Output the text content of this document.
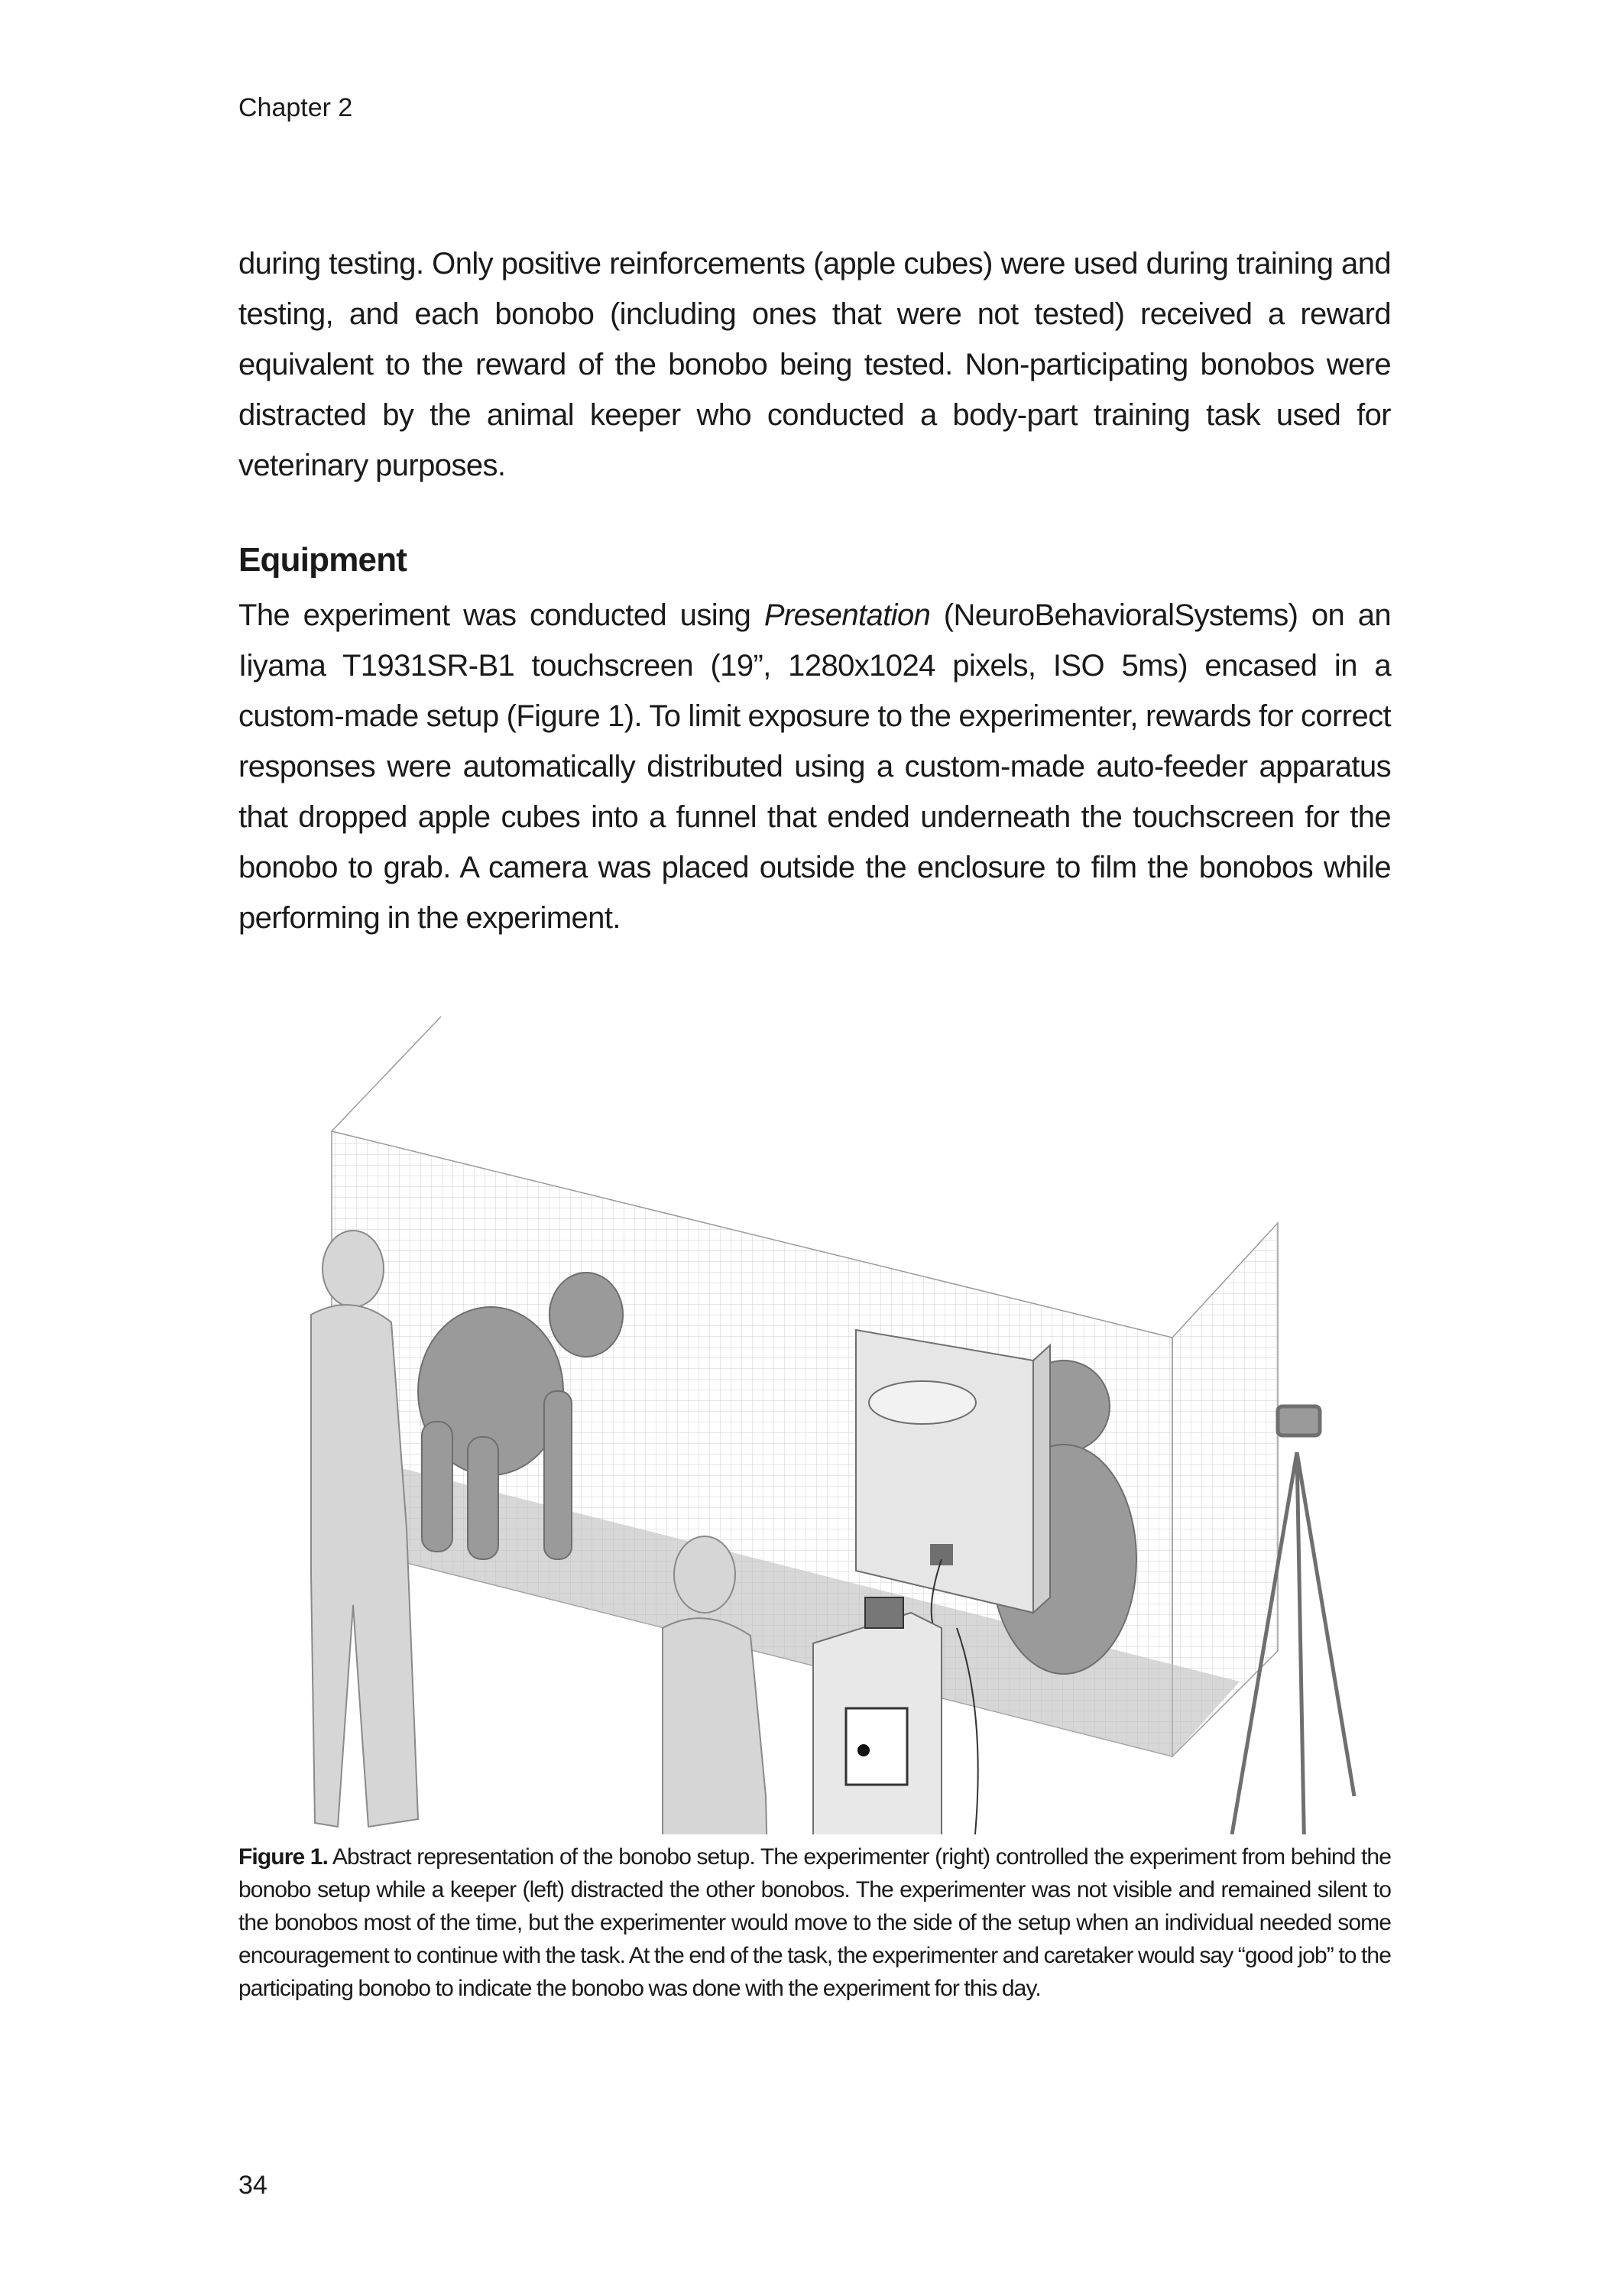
Chapter 2

during testing. Only positive reinforcements (apple cubes) were used during training and testing, and each bonobo (including ones that were not tested) received a reward equivalent to the reward of the bonobo being tested. Non-participating bonobos were distracted by the animal keeper who conducted a body-part training task used for veterinary purposes.

Equipment

The experiment was conducted using Presentation (NeuroBehavioralSystems) on an Iiyama T1931SR-B1 touchscreen (19”, 1280x1024 pixels, ISO 5ms) encased in a custom-made setup (Figure 1). To limit exposure to the experimenter, rewards for correct responses were automatically distributed using a custom-made auto-feeder apparatus that dropped apple cubes into a funnel that ended underneath the touchscreen for the bonobo to grab. A camera was placed outside the enclosure to film the bonobos while performing in the experiment.

Figure 1. Abstract representation of the bonobo setup. The experimenter (right) controlled the experiment from behind the bonobo setup while a keeper (left) distracted the other bonobos. The experimenter was not visible and remained silent to the bonobos most of the time, but the experimenter would move to the side of the setup when an individual needed some encouragement to continue with the task. At the end of the task, the experimenter and caretaker would say “good job” to the participating bonobo to indicate the bonobo was done with the experiment for this day.
34
